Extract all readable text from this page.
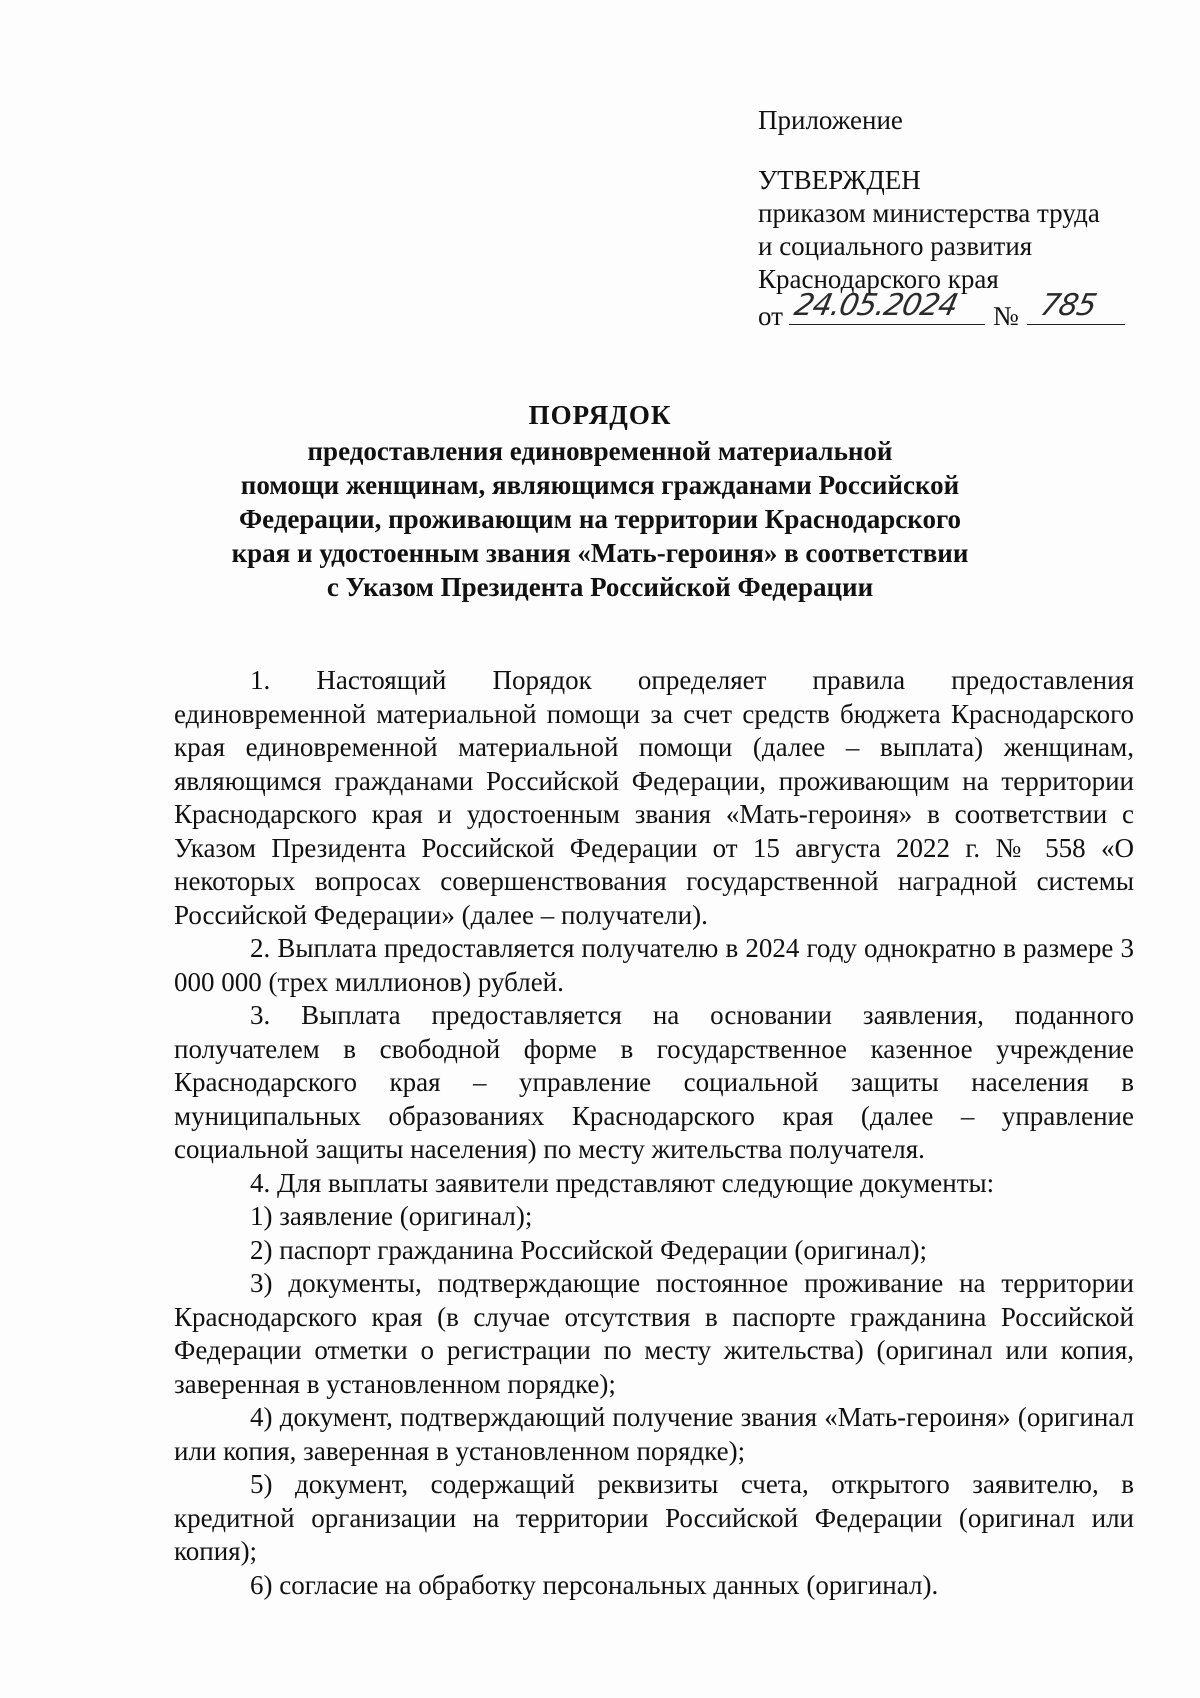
Приложение
УТВЕРЖДЕН
приказом министерства труда
и социального развития
Краснодарского края
от 24.05.2024 № 785
ПОРЯДОК
предоставления единовременной материальной
помощи женщинам, являющимся гражданами Российской
Федерации, проживающим на территории Краснодарского
края и удостоенным звания «Мать-героиня» в соответствии
с Указом Президента Российской Федерации

1. Настоящий Порядок определяет правила предоставления единовременной материальной помощи за счет средств бюджета Краснодарского края единовременной материальной помощи (далее – выплата) женщинам, являющимся гражданами Российской Федерации, проживающим на территории Краснодарского края и удостоенным звания «Мать-героиня» в соответствии с Указом Президента Российской Федерации от 15 августа 2022 г. № 558 «О некоторых вопросах совершенствования государственной наградной системы Российской Федерации» (далее – получатели).

2. Выплата предоставляется получателю в 2024 году однократно в размере 3 000 000 (трех миллионов) рублей.

3. Выплата предоставляется на основании заявления, поданного получателем в свободной форме в государственное казенное учреждение Краснодарского края – управление социальной защиты населения в муниципальных образованиях Краснодарского края (далее – управление социальной защиты населения) по месту жительства получателя.

4. Для выплаты заявители представляют следующие документы:

1) заявление (оригинал);

2) паспорт гражданина Российской Федерации (оригинал);

3) документы, подтверждающие постоянное проживание на территории Краснодарского края (в случае отсутствия в паспорте гражданина Российской Федерации отметки о регистрации по месту жительства) (оригинал или копия, заверенная в установленном порядке);

4) документ, подтверждающий получение звания «Мать-героиня» (оригинал или копия, заверенная в установленном порядке);

5) документ, содержащий реквизиты счета, открытого заявителю, в кредитной организации на территории Российской Федерации (оригинал или копия);

6) согласие на обработку персональных данных (оригинал).
